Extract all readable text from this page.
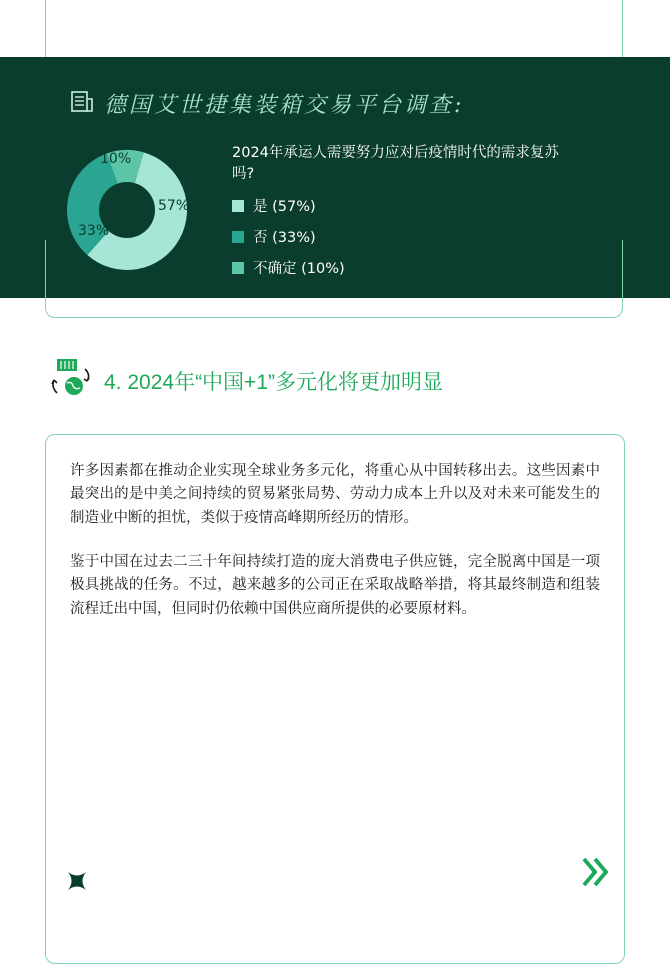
德国艾世捷集装箱交易平台调查:
57%
33%
10%	2024年承运人需要努力应对后疫情时代的需求复苏吗?
是 (57%)
否 (33%)
不确定 (10%)
4. 2024年“中国+1”多元化将更加明显

许多因素都在推动企业实现全球业务多元化，将重心从中国转移出去。这些因素中最突出的是中美之间持续的贸易紧张局势、劳动力成本上升以及对未来可能发生的制造业中断的担忧，类似于疫情高峰期所经历的情形。

鉴于中国在过去二三十年间持续打造的庞大消费电子供应链，完全脱离中国是一项极具挑战的任务。不过，越来越多的公司正在采取战略举措，将其最终制造和组装流程迁出中国，但同时仍依赖中国供应商所提供的必要原材料。
